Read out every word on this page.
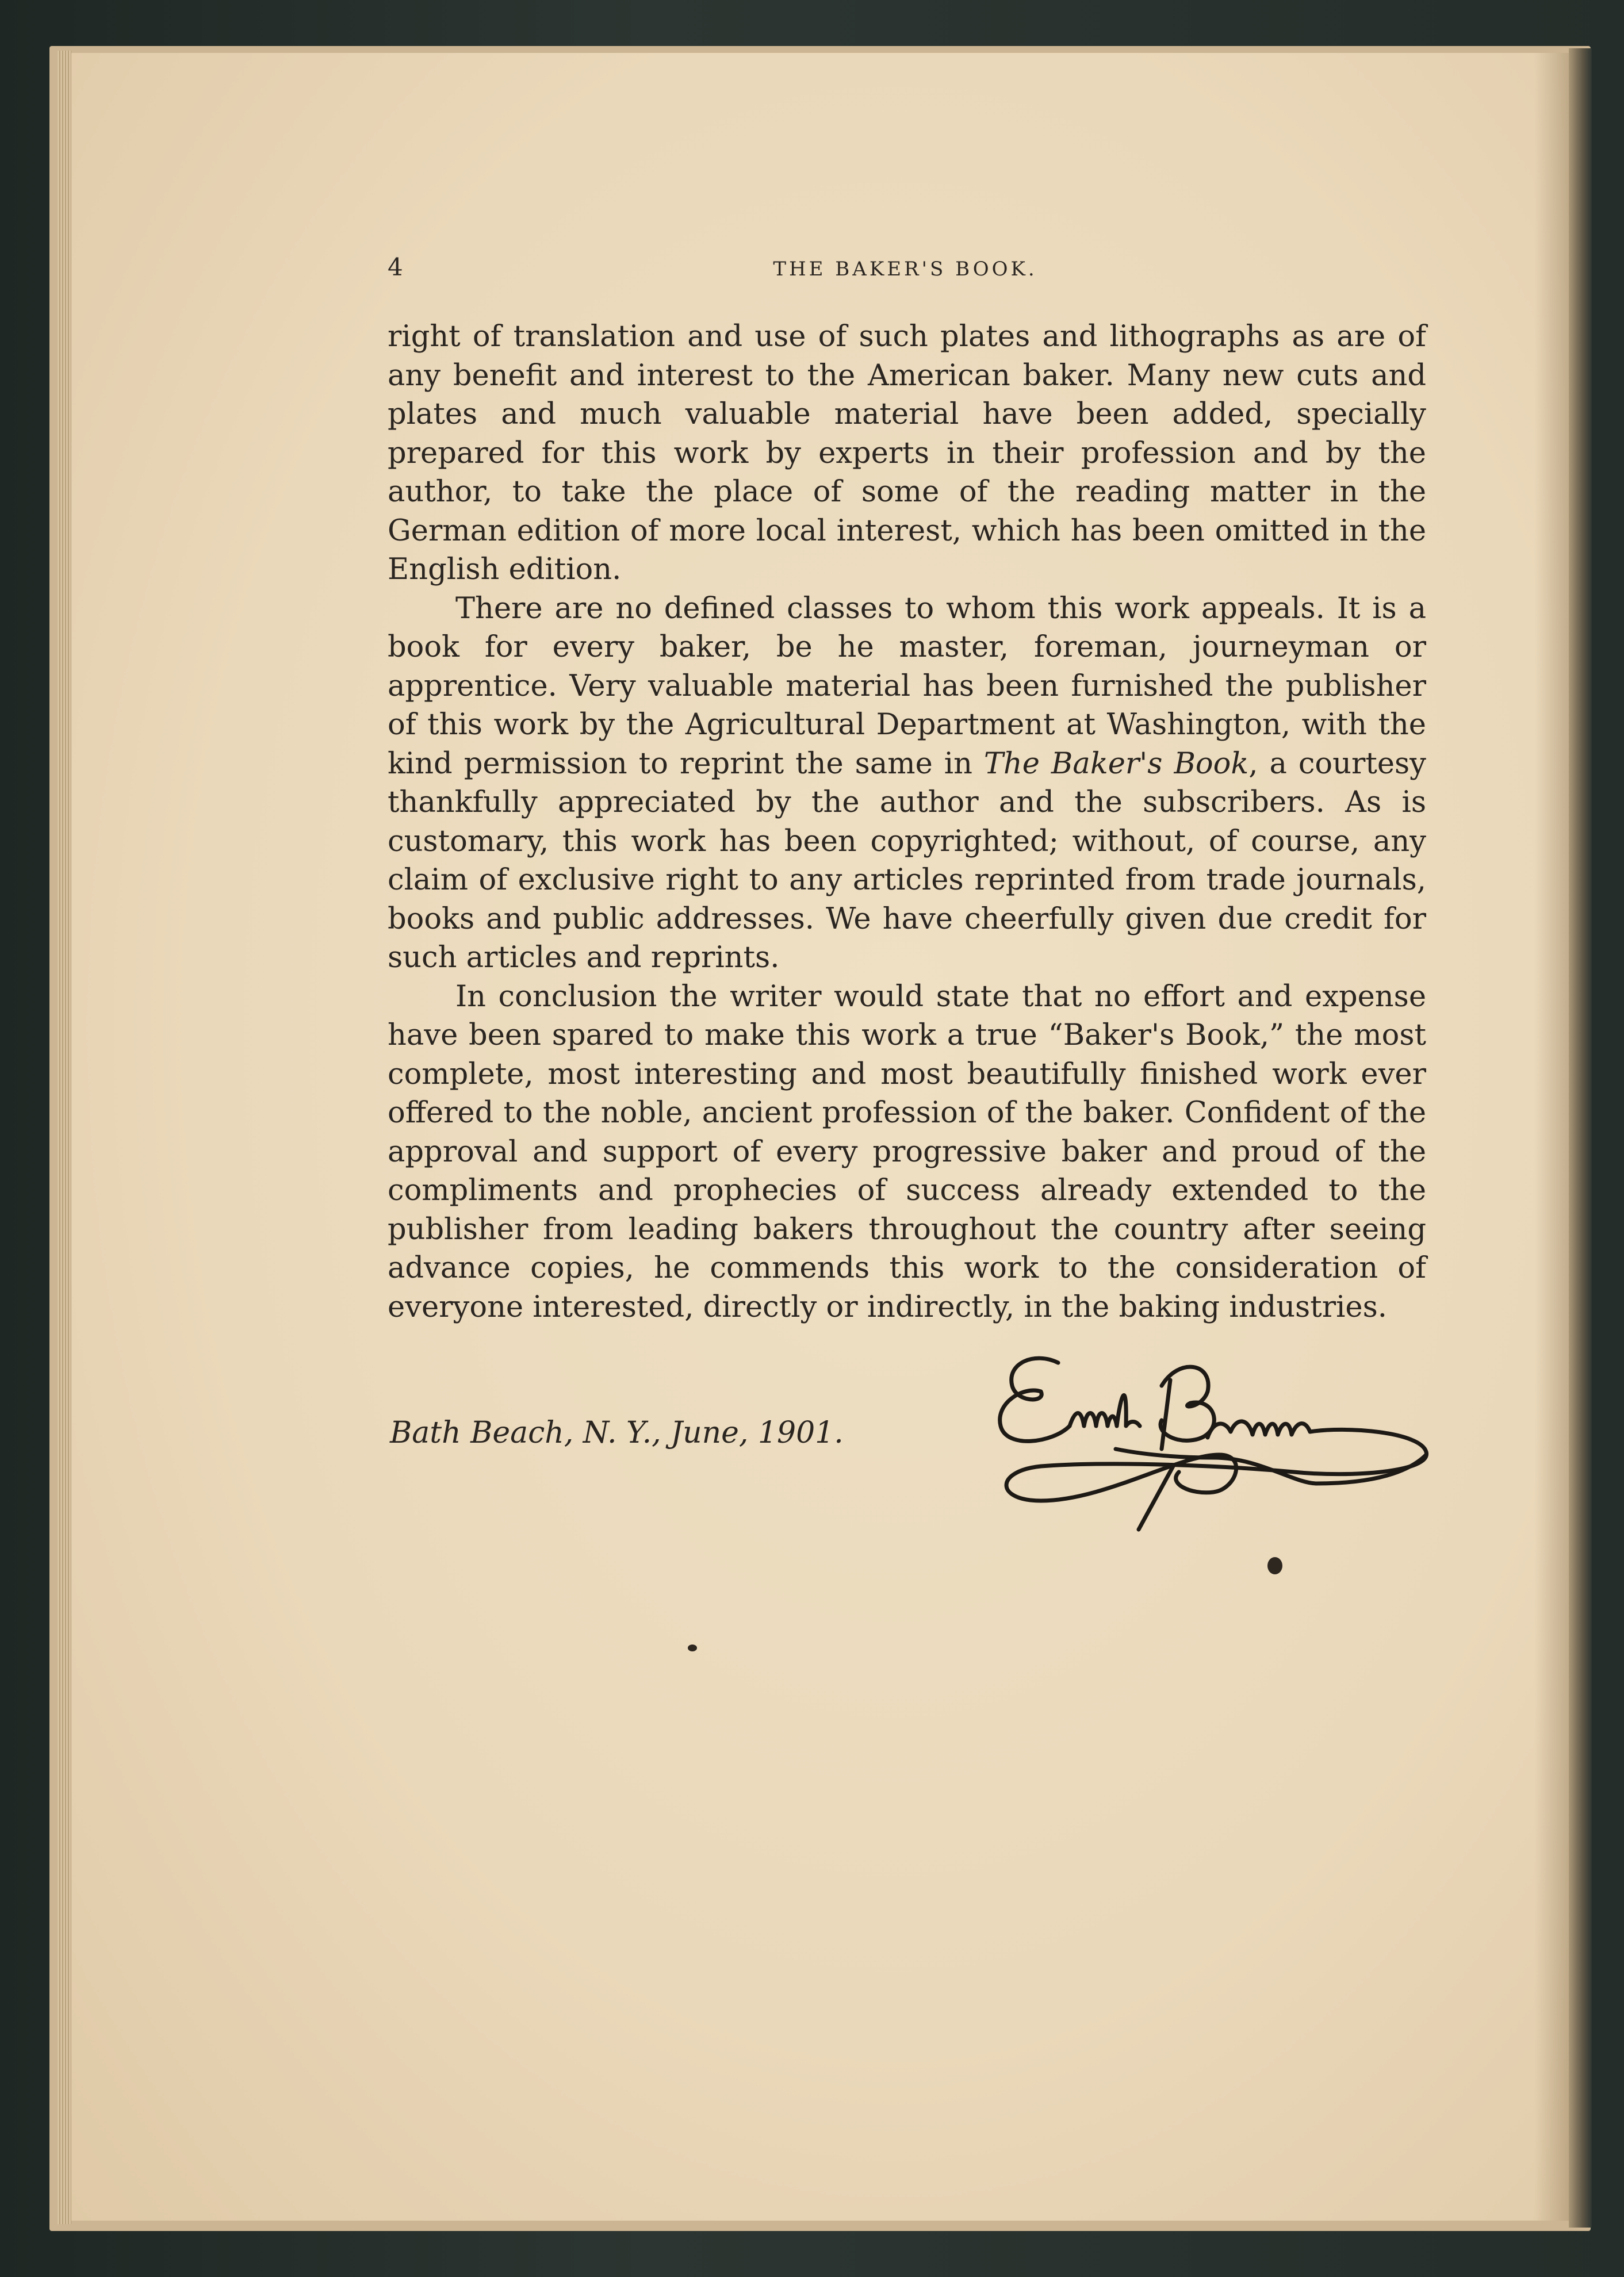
4	THE BAKER'S BOOK.

right of translation and use of such plates and lithographs as are of any benefit and interest to the American baker. Many new cuts and plates and much valuable material have been added, specially prepared for this work by experts in their profession and by the author, to take the place of some of the reading matter in the German edition of more local interest, which has been omitted in the English edition.

There are no defined classes to whom this work appeals. It is a book for every baker, be he master, foreman, journeyman or apprentice. Very valuable material has been furnished the publisher of this work by the Agricultural Department at Washington, with the kind permission to reprint the same in The Baker's Book, a courtesy thankfully appreciated by the author and the subscribers. As is customary, this work has been copyrighted; without, of course, any claim of exclusive right to any articles reprinted from trade journals, books and public addresses. We have cheerfully given due credit for such articles and reprints.

In conclusion the writer would state that no effort and expense have been spared to make this work a true “Baker's Book,” the most complete, most interesting and most beautifully finished work ever offered to the noble, ancient profession of the baker. Confident of the approval and support of every progressive baker and proud of the compliments and prophecies of success already extended to the publisher from leading bakers throughout the country after seeing advance copies, he commends this work to the consideration of everyone interested, directly or indirectly, in the baking industries.

Bath Beach, N. Y., June, 1901.
